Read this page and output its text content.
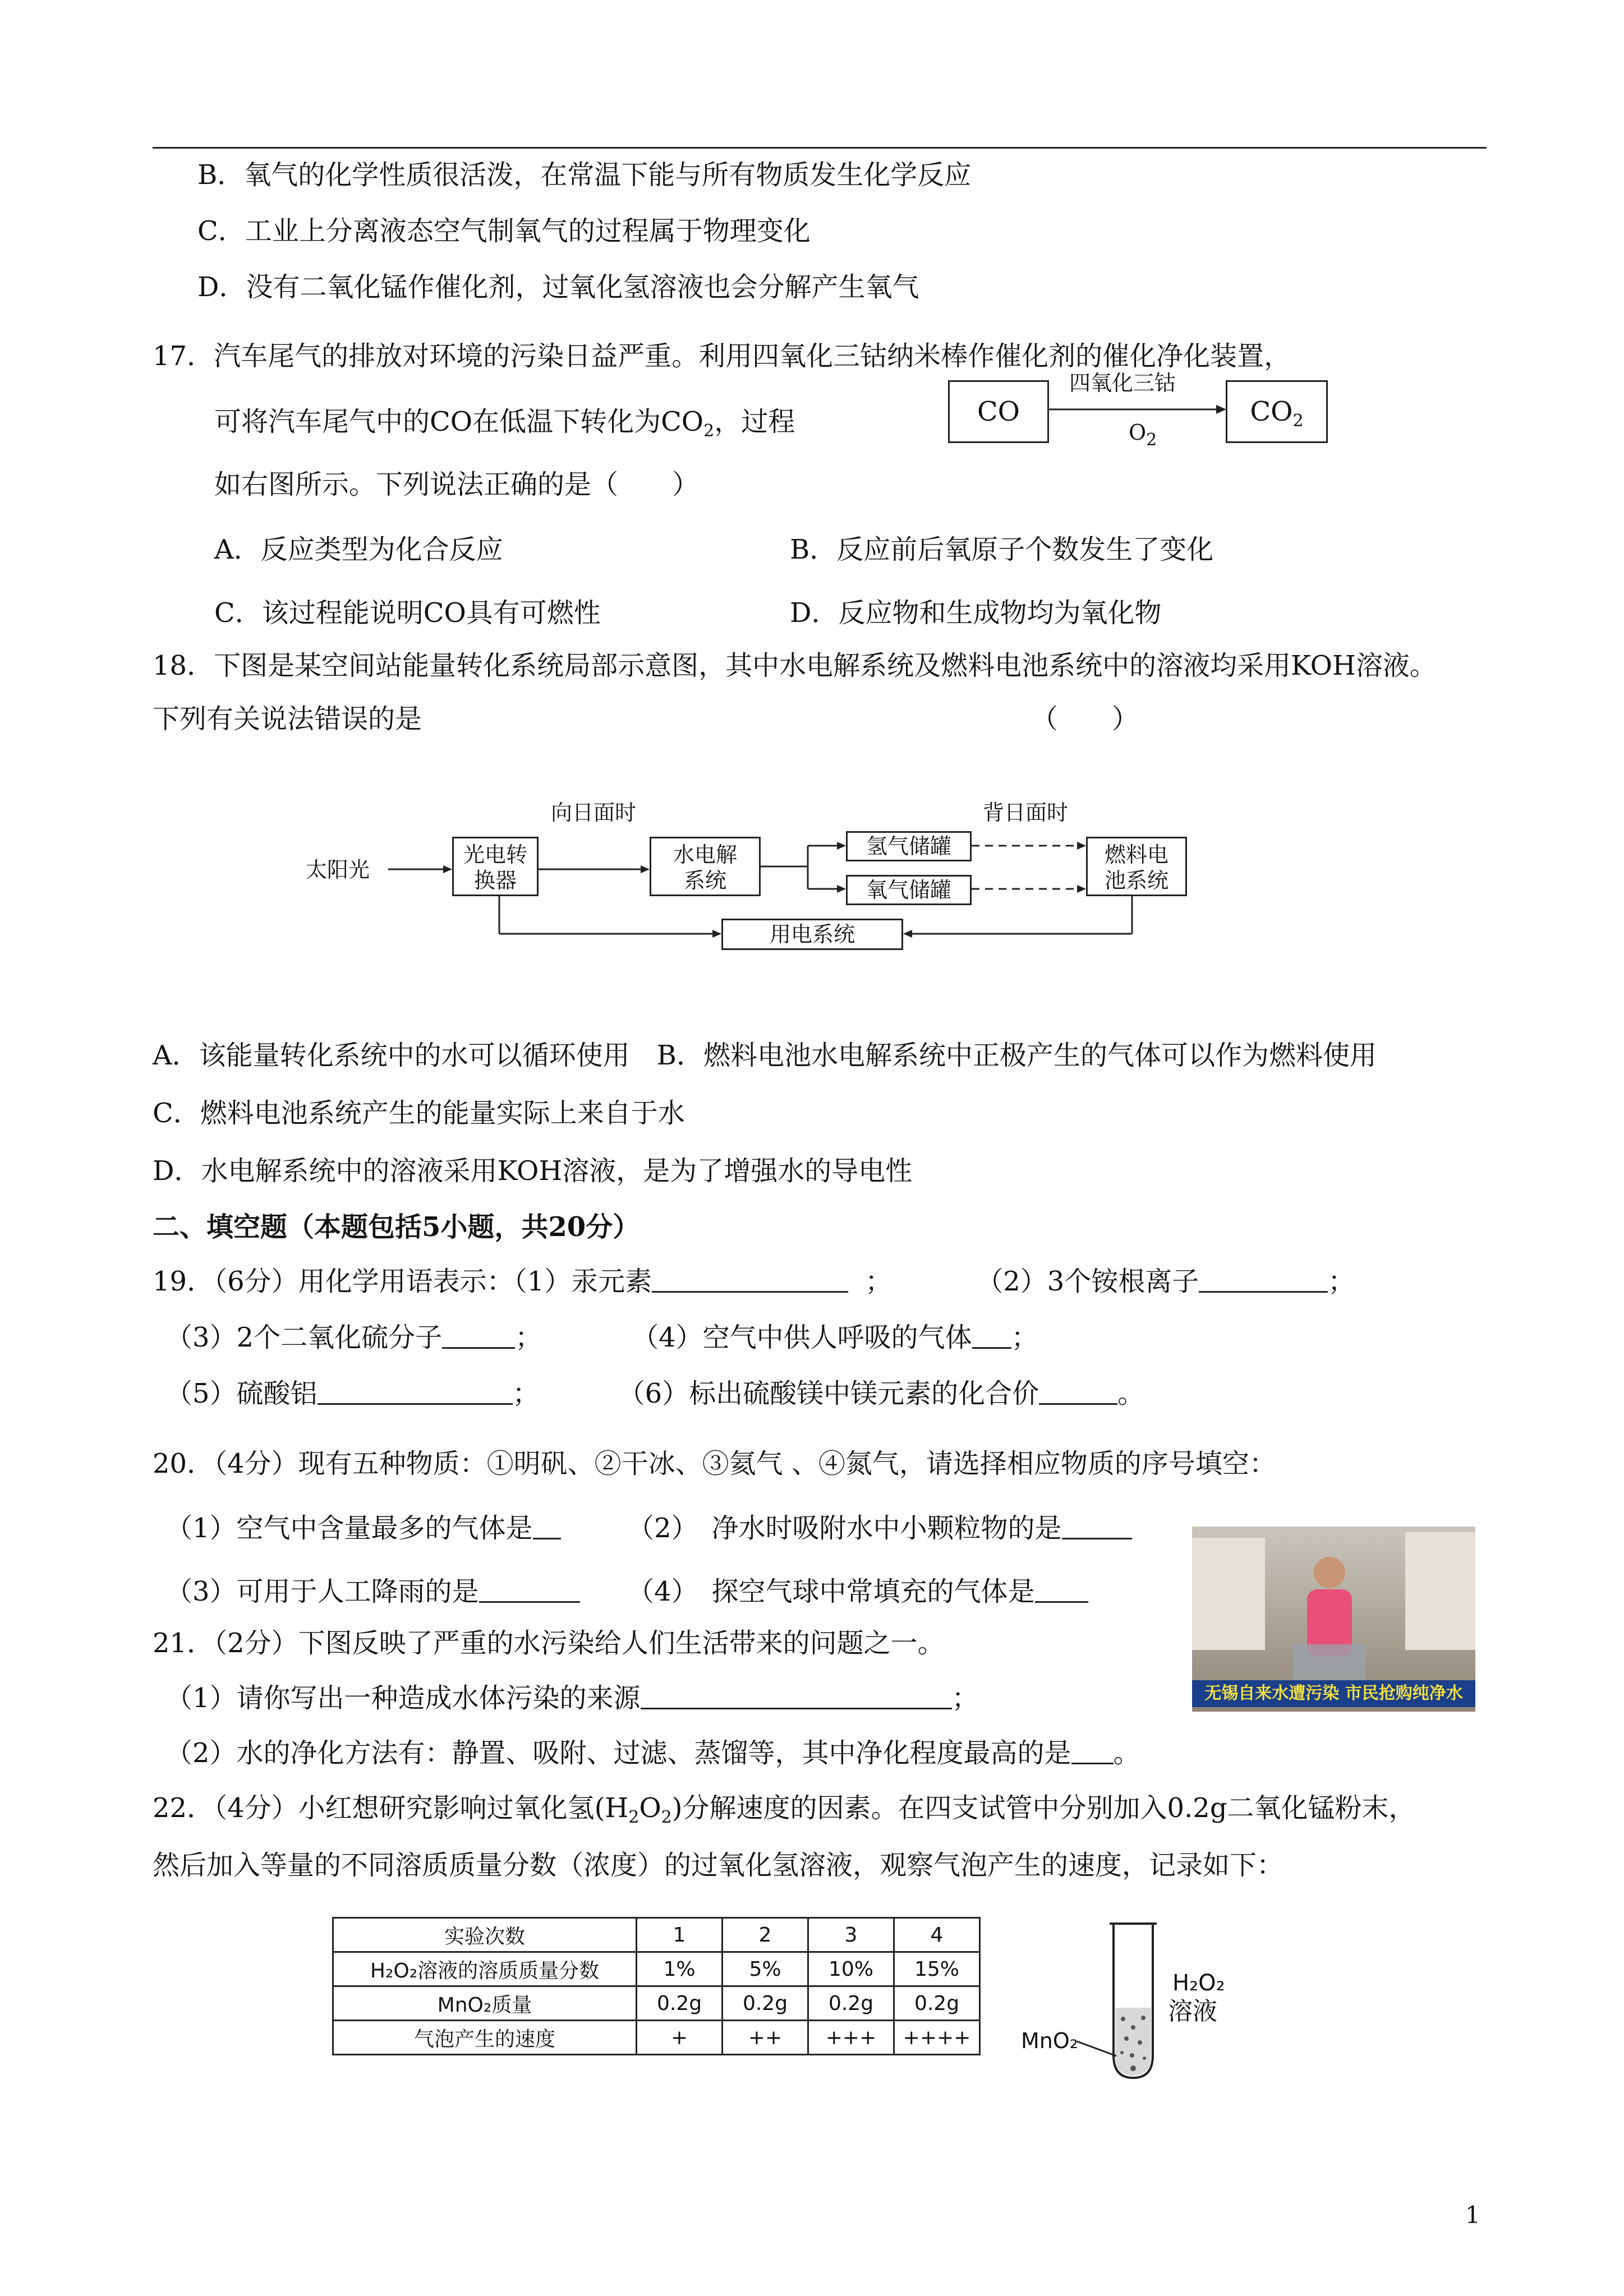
B．氧气的化学性质很活泼，在常温下能与所有物质发生化学反应
C．工业上分离液态空气制氧气的过程属于物理变化
D．没有二氧化锰作催化剂，过氧化氢溶液也会分解产生氧气
17．汽车尾气的排放对环境的污染日益严重。利用四氧化三钴纳米棒作催化剂的催化净化装置，
可将汽车尾气中的CO在低温下转化为$CO_2$，过程
如右图所示。下列说法正确的是（　　）
CO	$CO_2$
四氧化三钴
$O_2$
A．反应类型为化合反应	B．反应前后氧原子个数发生了变化
C．该过程能说明CO具有可燃性	D．反应物和生成物均为氧化物
18．下图是某空间站能量转化系统局部示意图，其中水电解系统及燃料电池系统中的溶液均采用KOH溶液。
下列有关说法错误的是	（　　）
向日面时	背日面时
太阳光
光电转
换器
水电解
系统
氢气储罐
氧气储罐
燃料电
池系统
用电系统
A．该能量转化系统中的水可以循环使用  B．燃料电池水电解系统中正极产生的气体可以作为燃料使用
C．燃料电池系统产生的能量实际上来自于水
D．水电解系统中的溶液采用KOH溶液，是为了增强水的导电性
二、填空题（本题包括5小题，共20分）
19．（6分）用化学用语表示：（1）汞元素	；	（2）3个铵根离子	；
（3）2个二氧化硫分子	；	（4）空气中供人呼吸的气体 ；
（5）硫酸铝	；	（6）标出硫酸镁中镁元素的化合价	。
20．（4分）现有五种物质：①明矾、②干冰、③氦气 、④氮气，请选择相应物质的序号填空：
（1）空气中含量最多的气体是	（2）　净水时吸附水中小颗粒物的是
（3）可用于人工降雨的是	（4）　探空气球中常填充的气体是
无锡自来水遭污染 市民抢购纯净水
21．（2分）下图反映了严重的水污染给人们生活带来的问题之一。
（1）请你写出一种造成水体污染的来源	；
（2）水的净化方法有：静置、吸附、过滤、蒸馏等，其中净化程度最高的是 。
22．（4分）小红想研究影响过氧化氢$(H_2O_2)$分解速度的因素。在四支试管中分别加入0.2g二氧化锰粉末，
然后加入等量的不同溶质质量分数（浓度）的过氧化氢溶液，观察气泡产生的速度，记录如下：
实验次数	1	2	3	4
H₂O₂溶液的溶质质量分数	1%	5%	10%	15%
MnO₂质量	0.2g	0.2g	0.2g	0.2g
气泡产生的速度	+	++	+++	++++
H₂O₂
溶液
MnO₂
1
